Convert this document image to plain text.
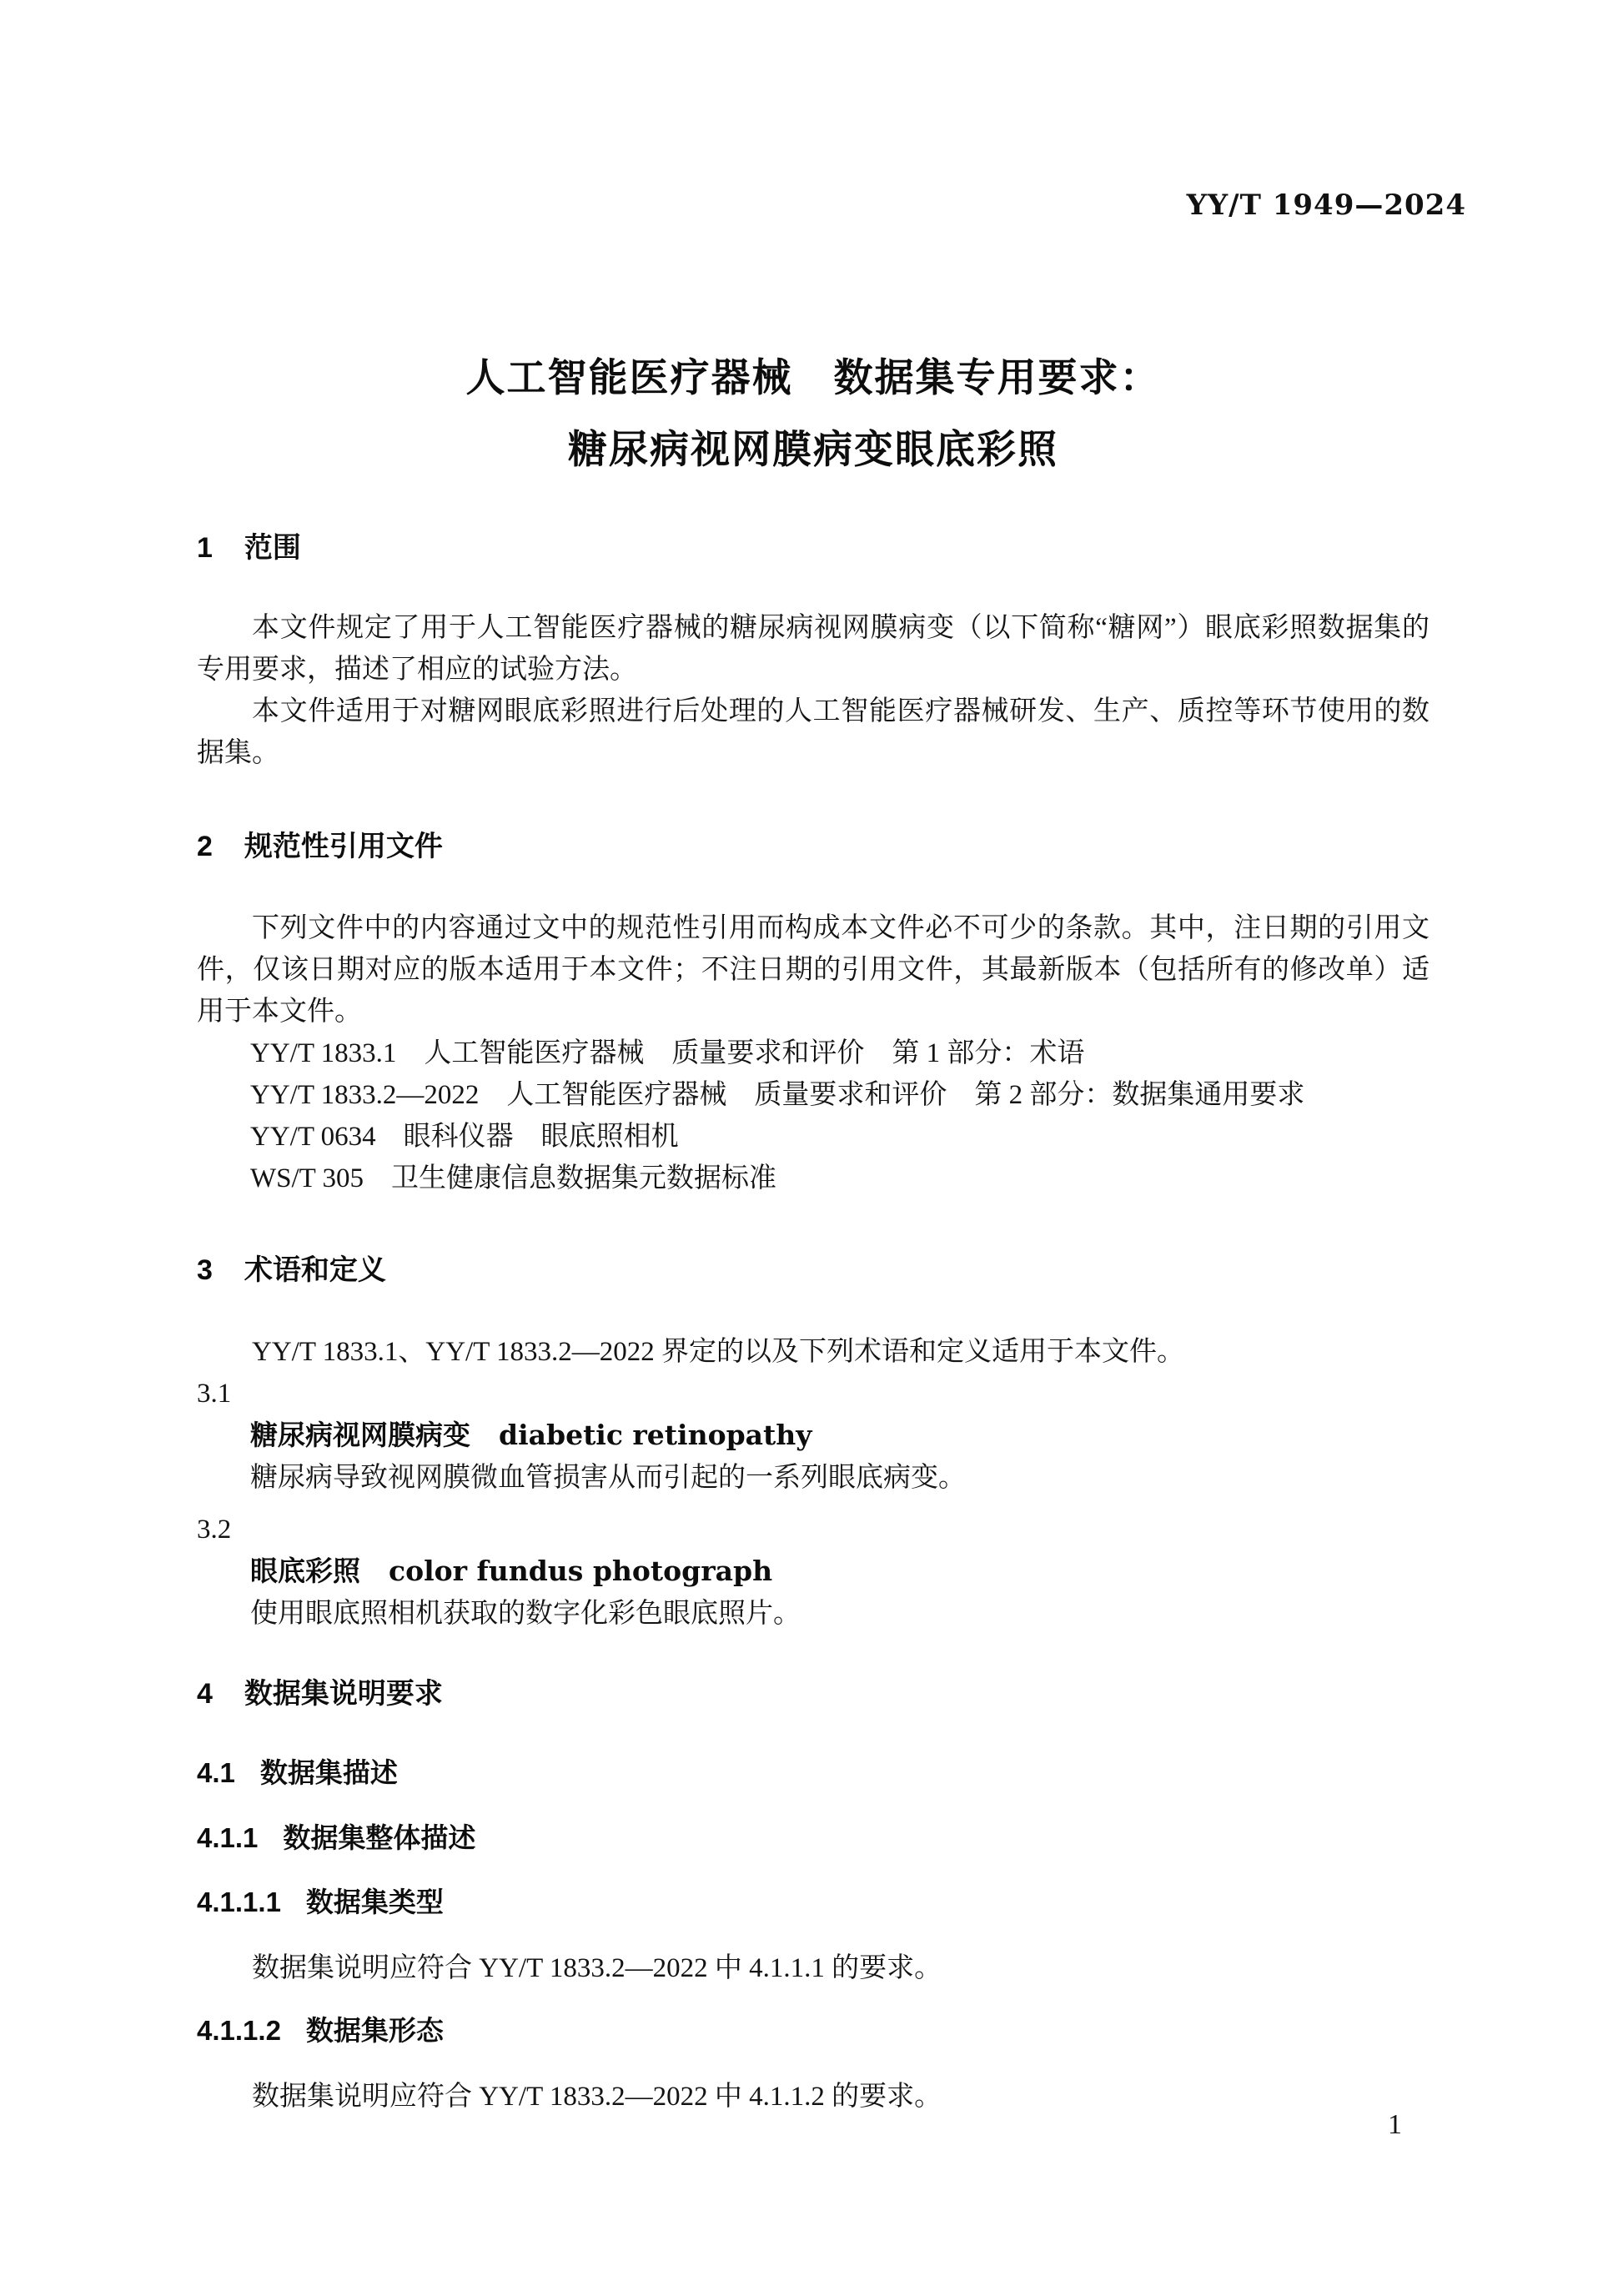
YY/T 1949—2024
人工智能医疗器械　数据集专用要求：
糖尿病视网膜病变眼底彩照
1 范围

本文件规定了用于人工智能医疗器械的糖尿病视网膜病变（以下简称“糖网”）眼底彩照数据集的专用要求，描述了相应的试验方法。

本文件适用于对糖网眼底彩照进行后处理的人工智能医疗器械研发、生产、质控等环节使用的数据集。

2 规范性引用文件

下列文件中的内容通过文中的规范性引用而构成本文件必不可少的条款。其中，注日期的引用文件，仅该日期对应的版本适用于本文件；不注日期的引用文件，其最新版本（包括所有的修改单）适用于本文件。

YY/T 1833.1　人工智能医疗器械　质量要求和评价　第 1 部分：术语

YY/T 1833.2—2022　人工智能医疗器械　质量要求和评价　第 2 部分：数据集通用要求

YY/T 0634　眼科仪器　眼底照相机

WS/T 305　卫生健康信息数据集元数据标准

3 术语和定义

YY/T 1833.1、YY/T 1833.2—2022 界定的以及下列术语和定义适用于本文件。

3.1
糖尿病视网膜病变 diabetic retinopathy

糖尿病导致视网膜微血管损害从而引起的一系列眼底病变。

3.2
眼底彩照 color fundus photograph

使用眼底照相机获取的数字化彩色眼底照片。

4 数据集说明要求
4.1 数据集描述
4.1.1 数据集整体描述
4.1.1.1 数据集类型

数据集说明应符合 YY/T 1833.2—2022 中 4.1.1.1 的要求。

4.1.1.2 数据集形态

数据集说明应符合 YY/T 1833.2—2022 中 4.1.1.2 的要求。

1
